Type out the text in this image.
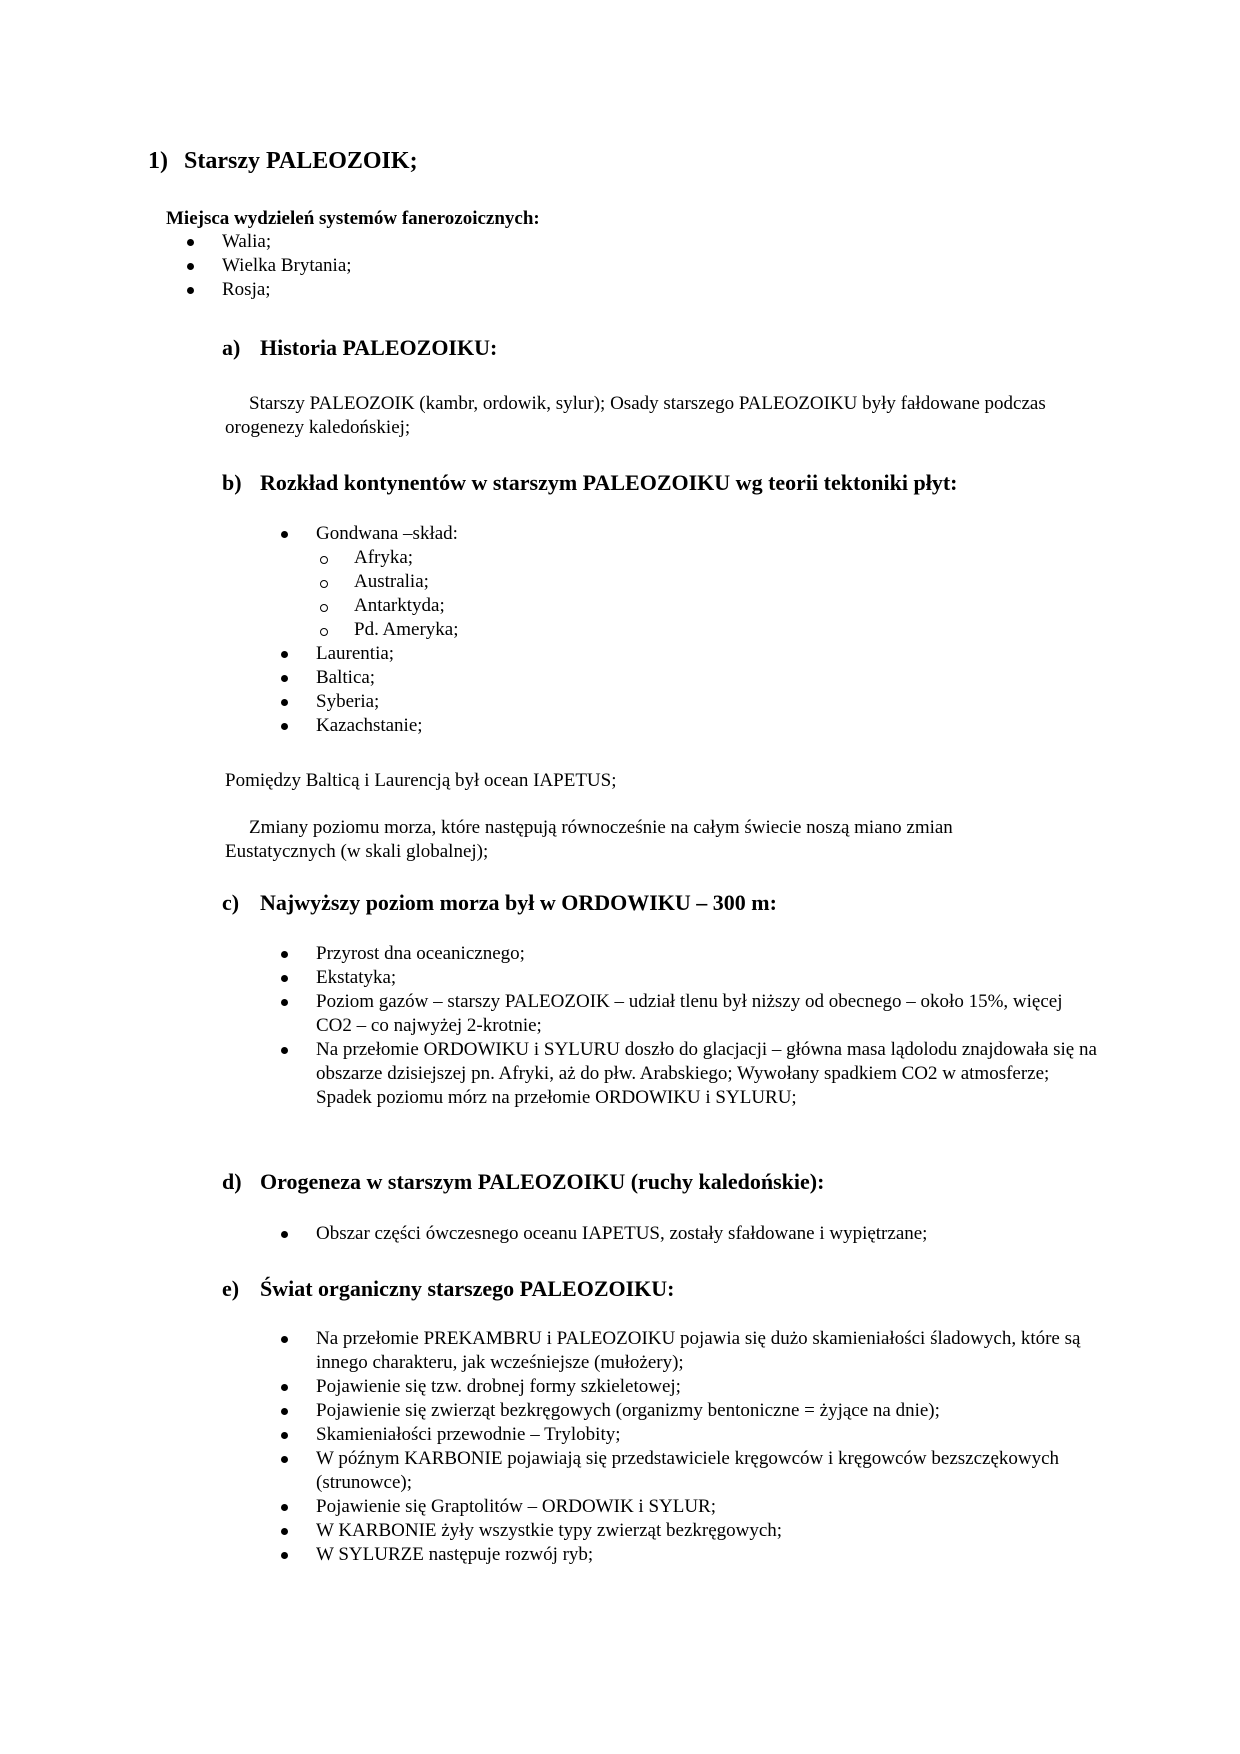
1) Starszy PALEOZOIK;
Miejsca wydzieleń systemów fanerozoicznych:
Walia;
Wielka Brytania;
Rosja;
a) Historia PALEOZOIKU:

Starszy PALEOZOIK (kambr, ordowik, sylur); Osady starszego PALEOZOIKU były fałdowane podczas orogenezy kaledońskiej;

b) Rozkład kontynentów w starszym PALEOZOIKU wg teorii tektoniki płyt:
Gondwana –skład:
Afryka;
Australia;
Antarktyda;
Pd. Ameryka;
Laurentia;
Baltica;
Syberia;
Kazachstanie;

Pomiędzy Balticą i Laurencją był ocean IAPETUS;

Zmiany poziomu morza, które następują równocześnie na całym świecie noszą miano zmian Eustatycznych (w skali globalnej);

c) Najwyższy poziom morza był w ORDOWIKU – 300 m:
Przyrost dna oceanicznego;
Ekstatyka;
Poziom gazów – starszy PALEOZOIK – udział tlenu był niższy od obecnego – około 15%, więcej CO2 – co najwyżej 2-krotnie;
Na przełomie ORDOWIKU i SYLURU doszło do glacjacji – główna masa lądolodu znajdowała się na obszarze dzisiejszej pn. Afryki, aż do płw. Arabskiego; Wywołany spadkiem CO2 w atmosferze; Spadek poziomu mórz na przełomie ORDOWIKU i SYLURU;
d) Orogeneza w starszym PALEOZOIKU (ruchy kaledońskie):
Obszar części ówczesnego oceanu IAPETUS, zostały sfałdowane i wypiętrzane;
e) Świat organiczny starszego PALEOZOIKU:
Na przełomie PREKAMBRU i PALEOZOIKU pojawia się dużo skamieniałości śladowych, które są innego charakteru, jak wcześniejsze (mułożery);
Pojawienie się tzw. drobnej formy szkieletowej;
Pojawienie się zwierząt bezkręgowych (organizmy bentoniczne = żyjące na dnie);
Skamieniałości przewodnie – Trylobity;
W późnym KARBONIE pojawiają się przedstawiciele kręgowców i kręgowców bezszczękowych (strunowce);
Pojawienie się Graptolitów – ORDOWIK i SYLUR;
W KARBONIE żyły wszystkie typy zwierząt bezkręgowych;
W SYLURZE następuje rozwój ryb;
